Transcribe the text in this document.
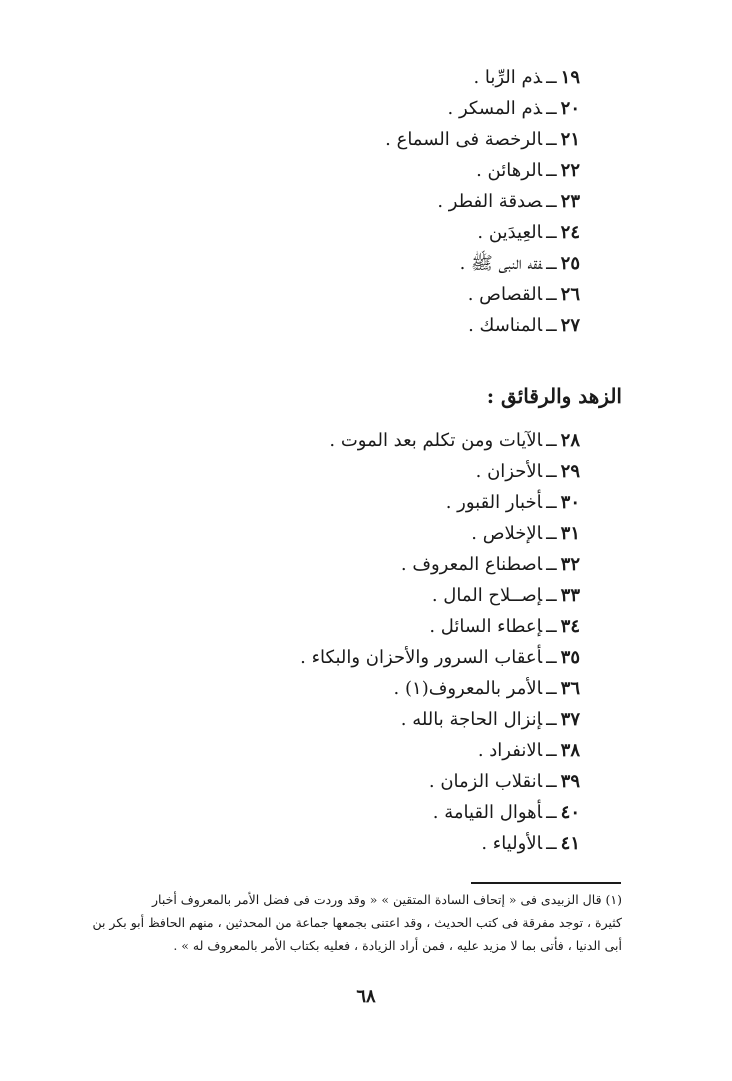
١٩ــذم الرِّبا .
٢٠ــذم المسكر .
٢١ــالرخصة فى السماع .
٢٢ــالرهائن .
٢٣ــصدقة الفطر .
٢٤ــالعِيدَين .
٢٥ــفقه النبى ﷺ .
٢٦ــالقصاص .
٢٧ــالمناسك .
الزهد والرقائق :
٢٨ــالآيات ومن تكلم بعد الموت .
٢٩ــالأحزان .
٣٠ــأخبار القبور .
٣١ــالإخلاص .
٣٢ــاصطناع المعروف .
٣٣ــإصــلاح المال .
٣٤ــإعطاء السائل .
٣٥ــأعقاب السرور والأحزان والبكاء .
٣٦ــالأمر بالمعروف(١) .
٣٧ــإنزال الحاجة بالله .
٣٨ــالانفراد .
٣٩ــانقلاب الزمان .
٤٠ــأهوال القيامة .
٤١ــالأولياء .

(١) قال الزبيدى فى « إتحاف السادة المتقين » « وقد وردت فى فضل الأمر بالمعروف أخبار

كثيرة ، توجد مفرقة فى كتب الحديث ، وقد اعتنى بجمعها جماعة من المحدثين ، منهم الحافظ أبو بكر بن

أبى الدنيا ، فأتى بما لا مزيد عليه ، فمن أراد الزيادة ، فعليه بكتاب الأمر بالمعروف له » .

٦٨
